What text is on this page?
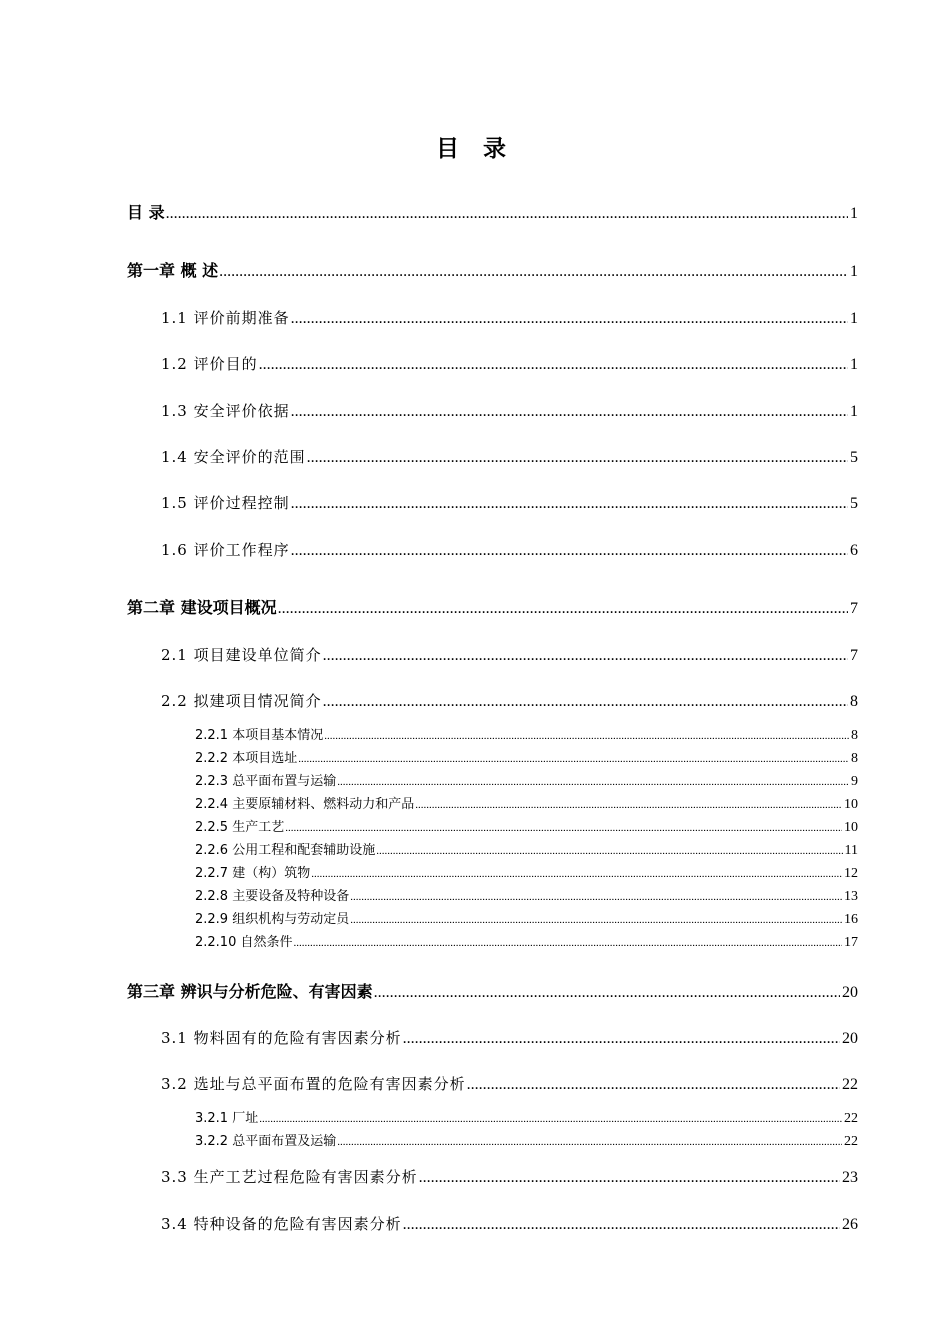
目 录
目 录 .....	1
第一章 概 述 .....	1
1.1 评价前期准备 .....	1
1.2 评价目的 .....	1
1.3 安全评价依据 .....	1
1.4 安全评价的范围 .....	5
1.5 评价过程控制 .....	5
1.6 评价工作程序 .....	6
第二章 建设项目概况 .....	7
2.1 项目建设单位简介 .....	7
2.2 拟建项目情况简介 .....	8
2.2.1 本项目基本情况 .....	8
2.2.2 本项目选址 .....	8
2.2.3 总平面布置与运输 .....	9
2.2.4 主要原辅材料、燃料动力和产品 .....	10
2.2.5 生产工艺 .....	10
2.2.6 公用工程和配套辅助设施 .....	11
2.2.7 建（构）筑物 .....	12
2.2.8 主要设备及特种设备 .....	13
2.2.9 组织机构与劳动定员 .....	16
2.2.10 自然条件 .....	17
第三章 辨识与分析危险、有害因素 .....	20
3.1 物料固有的危险有害因素分析 .....	20
3.2 选址与总平面布置的危险有害因素分析 .....	22
3.2.1 厂址 .....	22
3.2.2 总平面布置及运输 .....	22
3.3 生产工艺过程危险有害因素分析 .....	23
3.4 特种设备的危险有害因素分析 .....	26
